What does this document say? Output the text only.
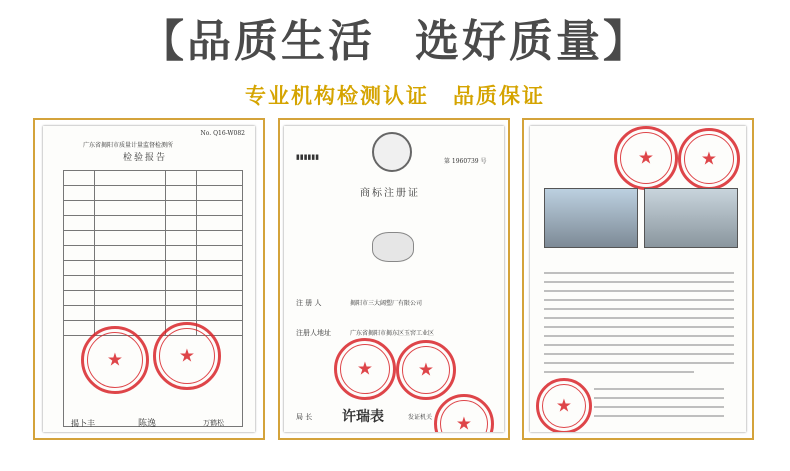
【品质生活 选好质量】
专业机构检测认证 品质保证
No. Q16-W082
广东省揭阳市质量计量监督检测所
检验报告

★	★
揭卜丰	陈逸	万鹤松
▮▮▮▮▮▮
第 1960739 号
商标注册证
注 册 人	揭阳市三大阔塑厂有限公司
注册人地址	广东省揭阳市揭东区玉窖工业区
★ ★
局 长 许瑞表	发证机关 ★
★	★
★
